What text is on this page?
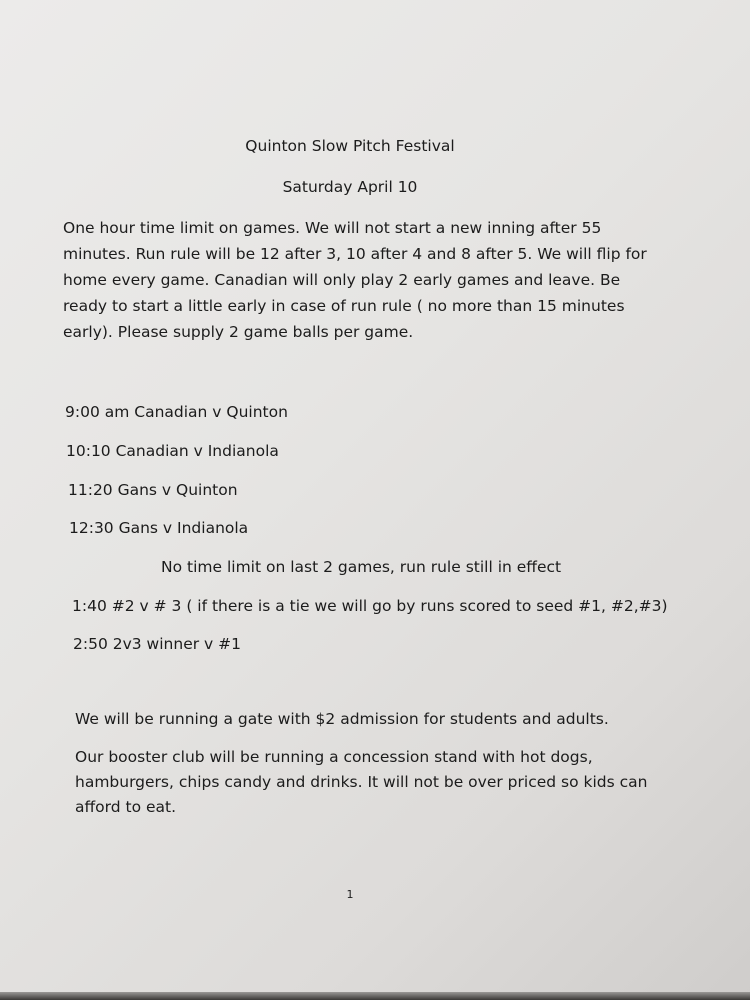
Quinton Slow Pitch Festival
Saturday April 10
One hour time limit on games. We will not start a new inning after 55
minutes. Run rule will be 12 after 3, 10 after 4 and 8 after 5. We will flip for
home every game. Canadian will only play 2 early games and leave. Be
ready to start a little early in case of run rule ( no more than 15 minutes
early). Please supply 2 game balls per game.
9:00 am Canadian v Quinton
10:10 Canadian v Indianola
11:20 Gans v Quinton
12:30 Gans v Indianola
No time limit on last 2 games, run rule still in effect
1:40 #2 v # 3 ( if there is a tie we will go by runs scored to seed #1, #2,#3)
2:50 2v3 winner v #1
We will be running a gate with $2 admission for students and adults.
Our booster club will be running a concession stand with hot dogs,
hamburgers, chips candy and drinks. It will not be over priced so kids can
afford to eat.
1
